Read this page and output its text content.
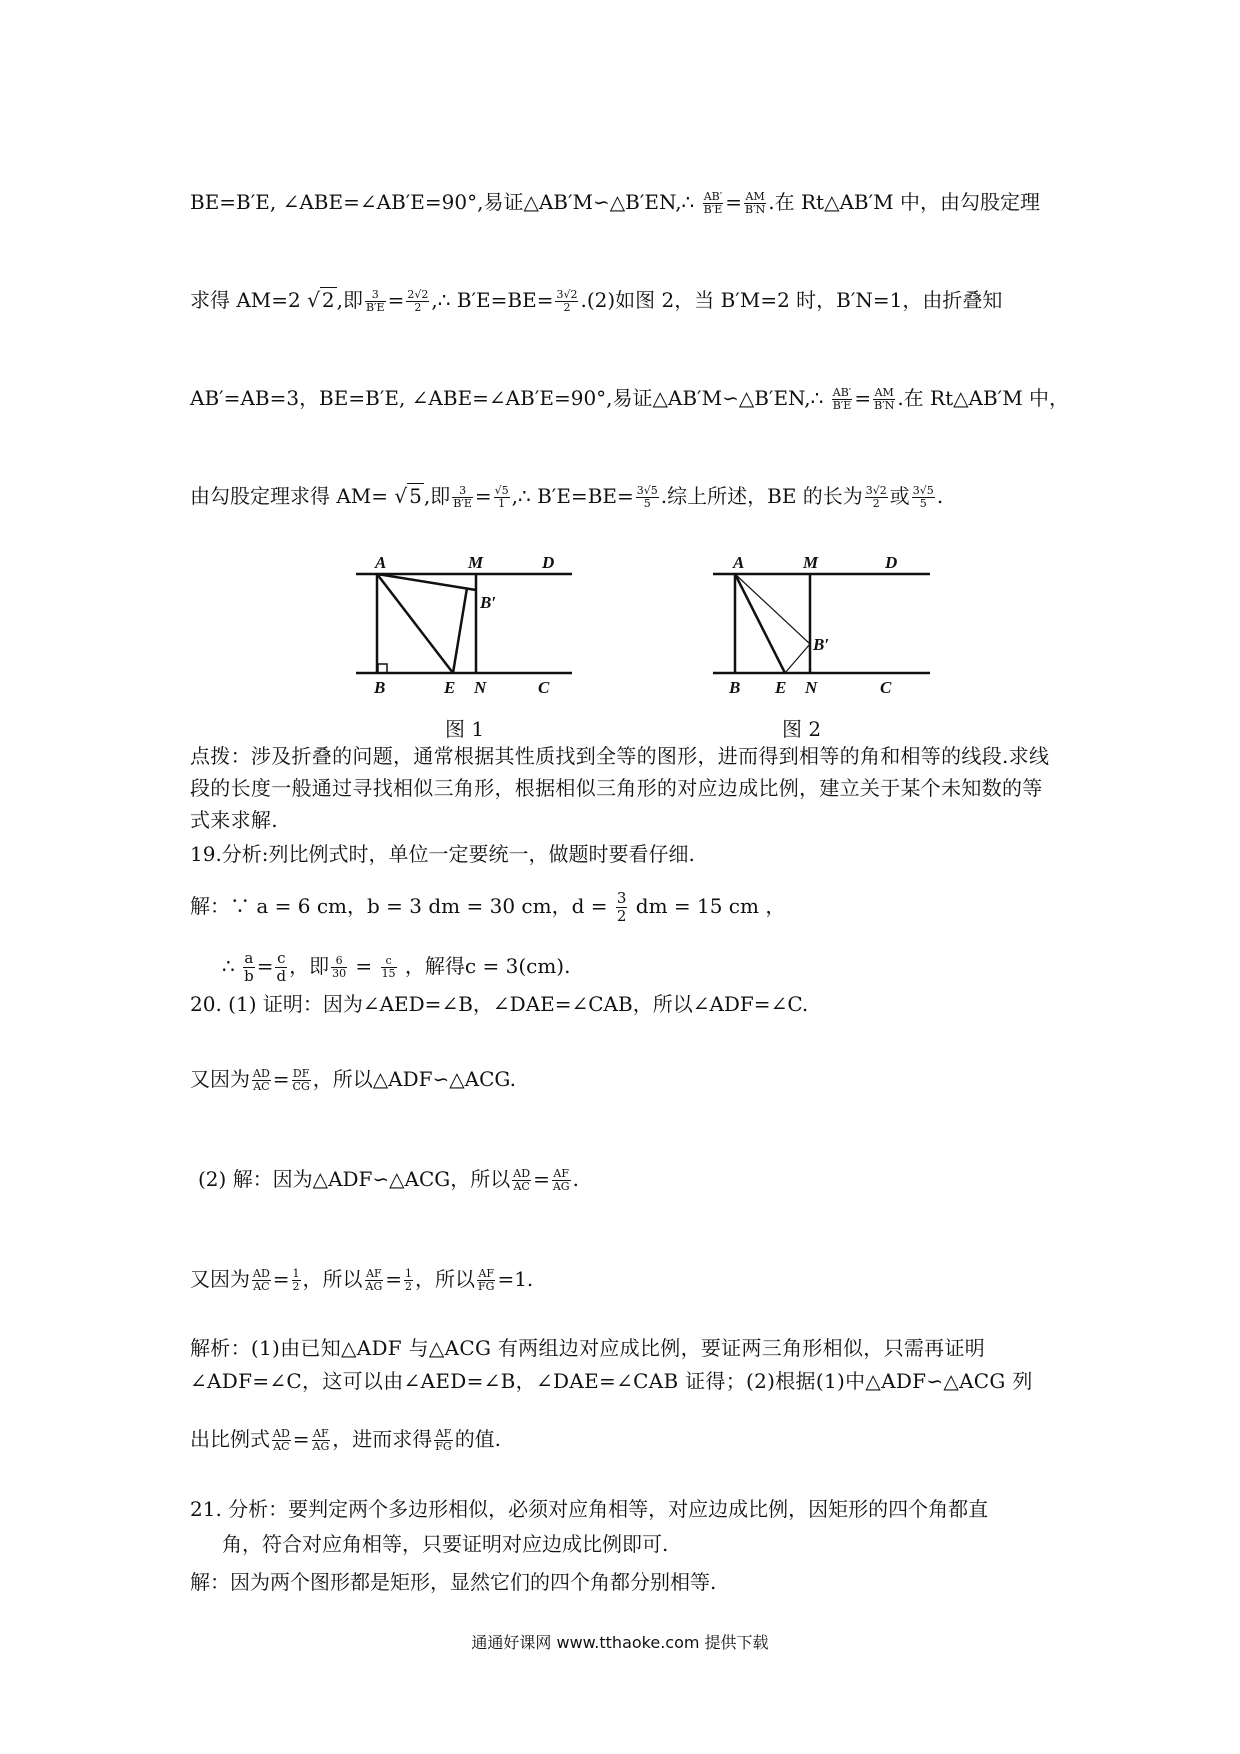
BE=B′E, ∠ABE=∠AB′E=90°,易证△AB′M∽△B′EN,∴ $\frac{AB'}{B'E} = \frac{AM}{B'N}$ .在 Rt△AB′M 中，由勾股定理
求得 AM=2 √ 2 ,即 $\frac{3}{B'E} = \frac{2√2}{2}$ ,∴ $B'E=BE= \frac{3√2}{2} .(2)$如图 2，当 B′M=2 时，B′N=1，由折叠知
AB′=AB=3，BE=B′E, ∠ABE=∠AB′E=90°,易证△AB′M∽△B′EN,∴ $\frac{AB'}{B'E} = \frac{AM}{B'N}$ .在 Rt△AB′M 中，
由勾股定理求得 AM= √ 5 ,即 $\frac{3}{B'E} = \frac{√5}{1}$ ,∴ $B'E=BE= \frac{3√5}{5}$ .综上所述，BE 的长为 $\frac{3√2}{2}$ 或 $\frac{3√5}{5}$ .
A	M	D
B′
B	E N	C
图 1
A	M	D
B′
B E N	C
图 2
点拨：涉及折叠的问题，通常根据其性质找到全等的图形，进而得到相等的角和相等的线段.求线段的长度一般通过寻找相似三角形，根据相似三角形的对应边成比例，建立关于某个未知数的等式来求解.
19.分析:列比例式时，单位一定要统一，做题时要看仔细.
解：∵ a = 6 cm，b = 3 dm = 30 cm，$d = \frac{3}{2}$ dm = 15 cm ，
∴ $\frac{a}{b} = \frac{c}{d}$ ，即 $\frac{6}{30} = \frac{c}{15}$ ，解得c = 3(cm).
20. (1) 证明：因为∠AED=∠B，∠DAE=∠CAB，所以∠ADF=∠C.
又因为 $\frac{AD}{AC} = \frac{DF}{CG}$ ，所以△ADF∽△ACG.
(2) 解：因为△ADF∽△ACG，所以 $\frac{AD}{AC} = \frac{AF}{AG}$ .
又因为 $\frac{AD}{AC} = \frac{1}{2}$ ，所以 $\frac{AF}{AG} = \frac{1}{2}$ ，所以 $\frac{AF}{FG} =1$.
解析：(1)由已知△ADF 与△ACG 有两组边对应成比例，要证两三角形相似，只需再证明∠ADF=∠C，这可以由∠AED=∠B，∠DAE=∠CAB 证得；(2)根据(1)中△ADF∽△ACG 列
出比例式 $\frac{AD}{AC} = \frac{AF}{AG}$ ，进而求得 $\frac{AF}{FG}$ 的值.
21. 分析：要判定两个多边形相似，必须对应角相等，对应边成比例，因矩形的四个角都直
角，符合对应角相等，只要证明对应边成比例即可.
解：因为两个图形都是矩形，显然它们的四个角都分别相等.
通通好课网 www.tthaoke.com 提供下载
